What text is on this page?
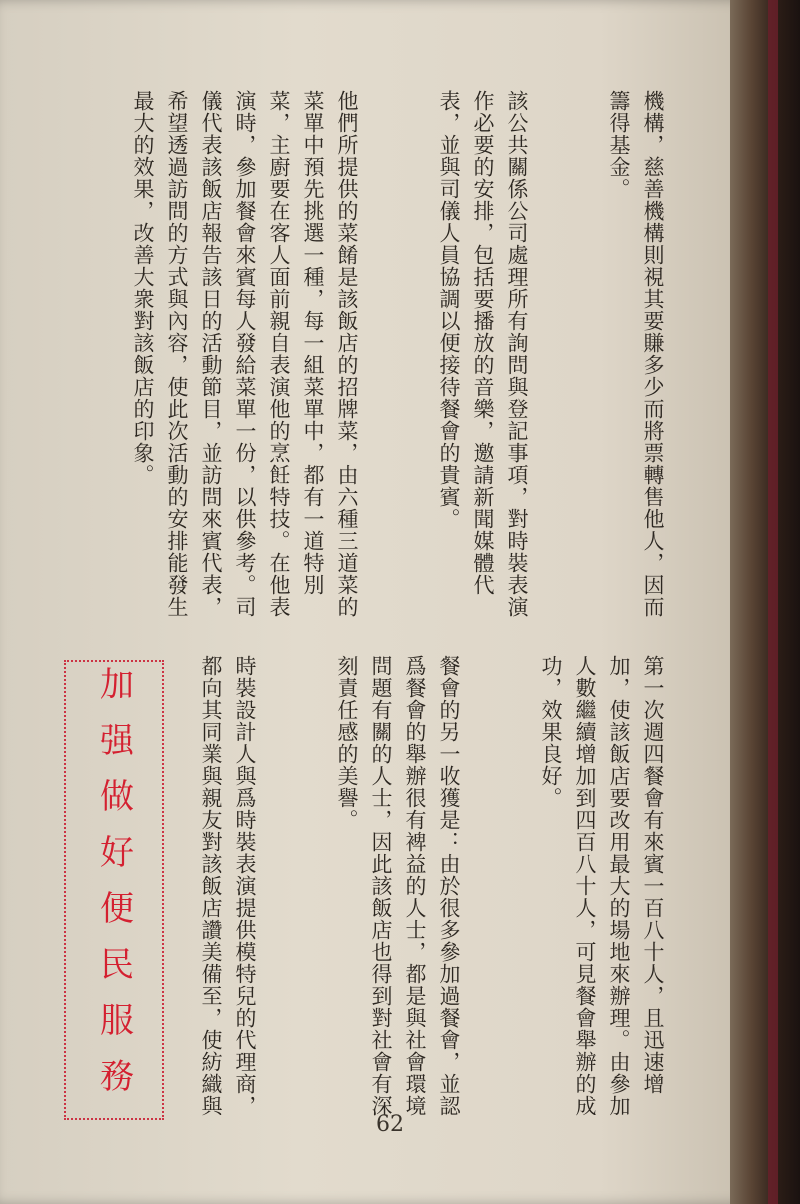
機構，慈善機構則視其要賺多少而將票轉售他人，因而籌得基金。

該公共關係公司處理所有詢問與登記事項，對時裝表演作必要的安排，包括要播放的音樂，邀請新聞媒體代表，並與司儀人員協調以便接待餐會的貴賓。

他們所提供的菜餚是該飯店的招牌菜，由六種三道菜的菜單中預先挑選一種，每一組菜單中，都有一道特別菜，主廚要在客人面前親自表演他的烹飪特技。在他表演時，參加餐會來賓每人發給菜單一份，以供參考。司儀代表該飯店報告該日的活動節目，並訪問來賓代表，希望透過訪問的方式與內容，使此次活動的安排能發生最大的效果，改善大衆對該飯店的印象。

第一次週四餐會有來賓一百八十人，且迅速增加，使該飯店要改用最大的場地來辦理。由參加人數繼續增加到四百八十人，可見餐會舉辦的成功，效果良好。

餐會的另一收獲是：由於很多參加過餐會，並認爲餐會的舉辦很有裨益的人士，都是與社會環境問題有關的人士，因此該飯店也得到對社會有深刻責任感的美譽。

時裝設計人與爲時裝表演提供模特兒的代理商，都向其同業與親友對該飯店讚美備至，使紡織與

加强做好便民服務
62
